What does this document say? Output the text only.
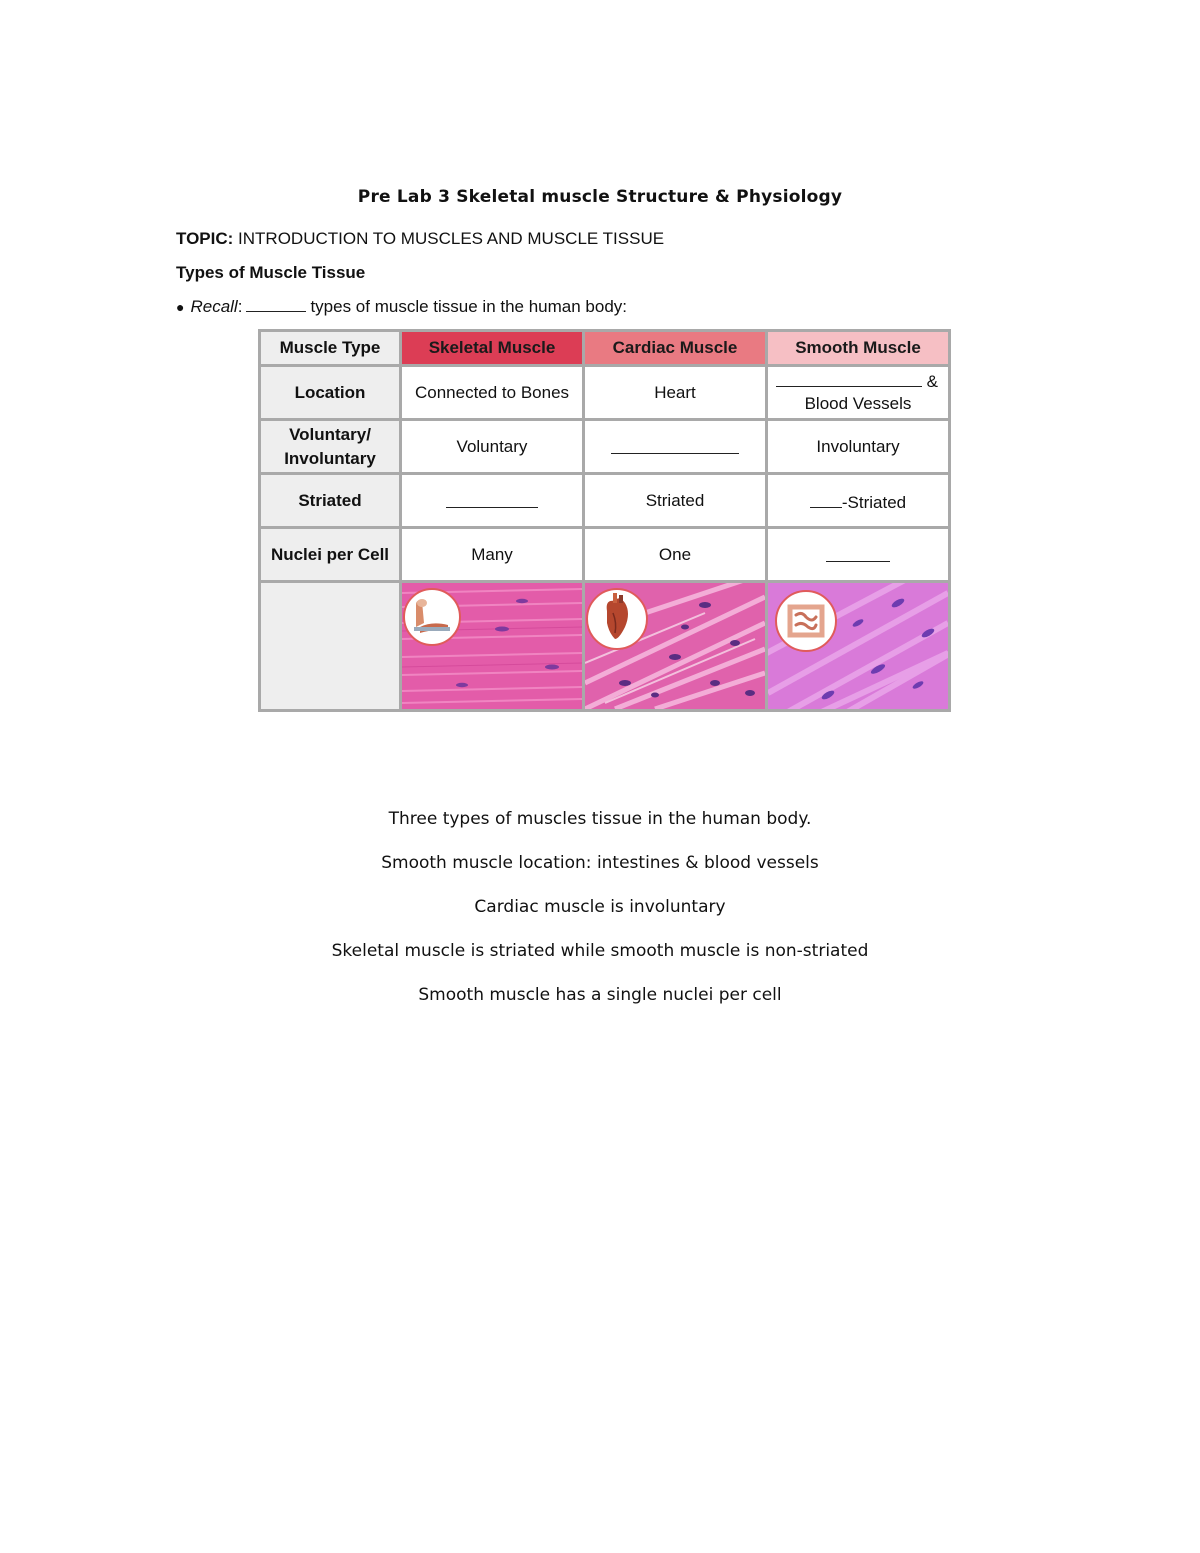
Pre Lab 3 Skeletal muscle Structure & Physiology
TOPIC: INTRODUCTION TO MUSCLES AND MUSCLE TISSUE
Types of Muscle Tissue
● Recall:	types of muscle tissue in the human body:
Muscle Type	Skeletal Muscle	Cardiac Muscle	Smooth Muscle
Location	Connected to Bones	Heart	&
Blood Vessels

Voluntary/
Involuntary	Voluntary		Involuntary
Striated		Striated	-Striated
Nuclei per Cell	Many	One	

Three types of muscles tissue in the human body.

Smooth muscle location: intestines & blood vessels

Cardiac muscle is involuntary

Skeletal muscle is striated while smooth muscle is non-striated

Smooth muscle has a single nuclei per cell
